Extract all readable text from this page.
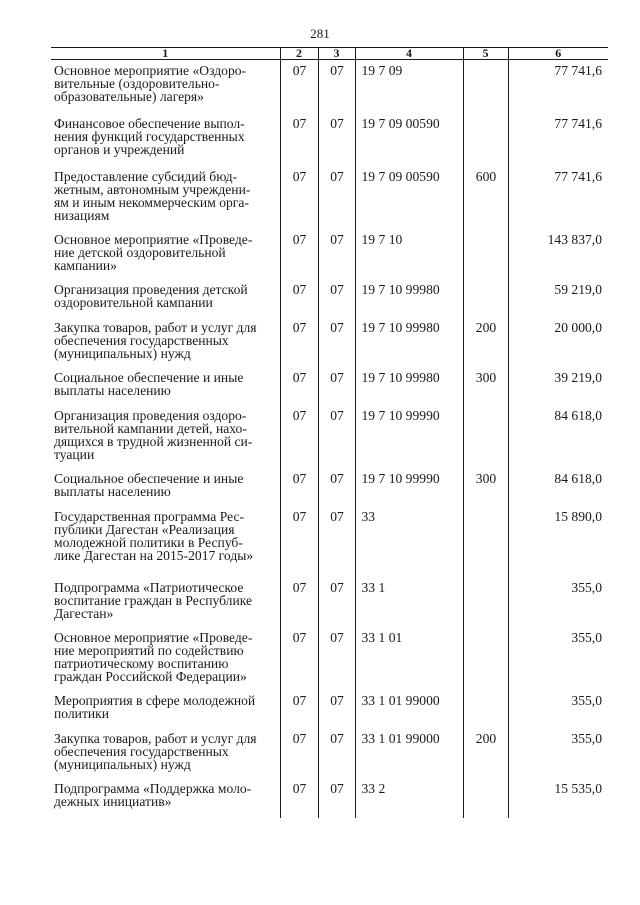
281
1	2	3	4	5	6

Основное мероприятие «Оздоро-
вительные (оздоровительно-
образовательные) лагеря»	07	07	19 7 09		77 741,6

Финансовое обеспечение выпол-
нения функций государственных
органов и учреждений	07	07	19 7 09 00590		77 741,6

Предоставление субсидий бюд-
жетным, автономным учреждени-
ям и иным некоммерческим орга-
низациям	07	07	19 7 09 00590	600	77 741,6

Основное мероприятие «Проведе-
ние детской оздоровительной
кампании»	07	07	19 7 10		143 837,0

Организация проведения детской
оздоровительной кампании	07	07	19 7 10 99980		59 219,0

Закупка товаров, работ и услуг для
обеспечения государственных
(муниципальных) нужд	07	07	19 7 10 99980	200	20 000,0

Социальное обеспечение и иные
выплаты населению	07	07	19 7 10 99980	300	39 219,0

Организация проведения оздоро-
вительной кампании детей, нахо-
дящихся в трудной жизненной си-
туации	07	07	19 7 10 99990		84 618,0

Социальное обеспечение и иные
выплаты населению	07	07	19 7 10 99990	300	84 618,0

Государственная программа Рес-
публики Дагестан «Реализация
молодежной политики в Респуб-
лике Дагестан на 2015-2017 годы»	07	07	33		15 890,0

Подпрограмма «Патриотическое
воспитание граждан в Республике
Дагестан»	07	07	33 1		355,0

Основное мероприятие «Проведе-
ние мероприятий по содействию
патриотическому воспитанию
граждан Российской Федерации»	07	07	33 1 01		355,0

Мероприятия в сфере молодежной
политики	07	07	33 1 01 99000		355,0

Закупка товаров, работ и услуг для
обеспечения государственных
(муниципальных) нужд	07	07	33 1 01 99000	200	355,0

Подпрограмма «Поддержка моло-
дежных инициатив»	07	07	33 2		15 535,0
